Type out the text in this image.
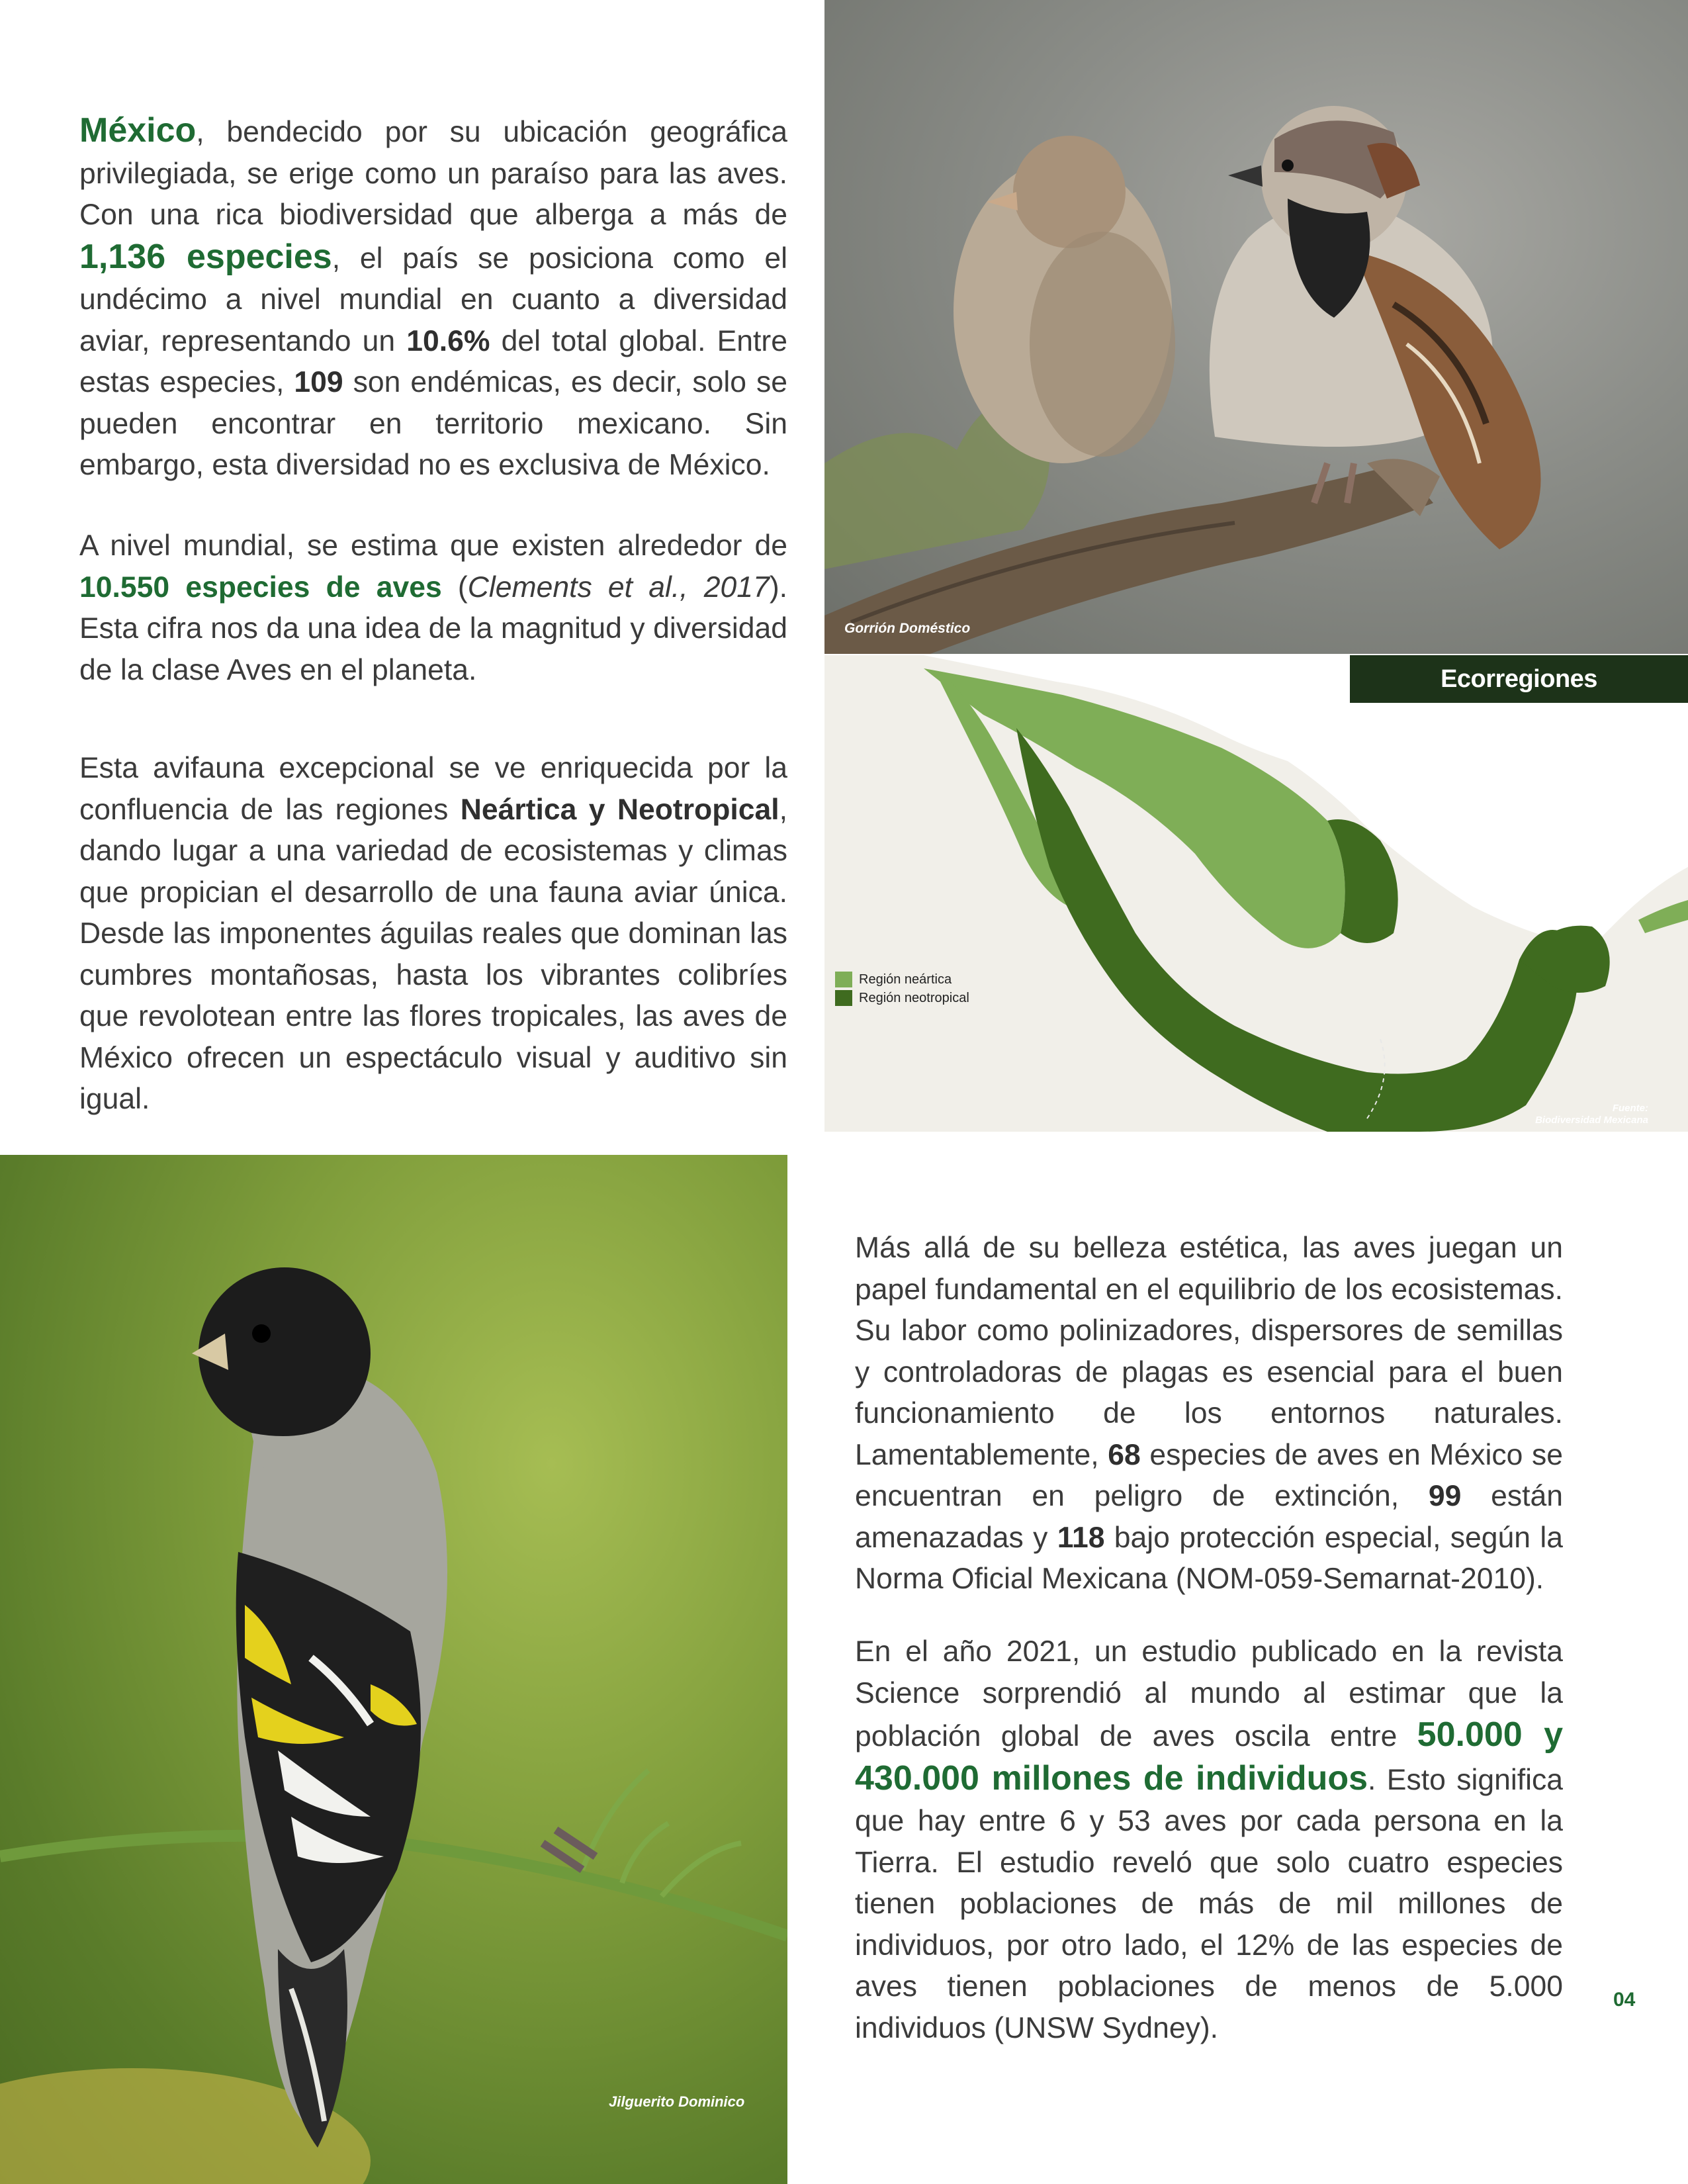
México, bendecido por su ubicación geográfica privilegiada, se erige como un paraíso para las aves. Con una rica biodiversidad que alberga a más de 1,136 especies, el país se posiciona como el undécimo a nivel mundial en cuanto a diversidad aviar, representando un 10.6% del total global. Entre estas especies, 109 son endémicas, es decir, solo se pueden encontrar en territorio mexicano. Sin embargo, esta diversidad no es exclusiva de México.

A nivel mundial, se estima que existen alrededor de 10.550 especies de aves (Clements et al., 2017). Esta cifra nos da una idea de la magnitud y diversidad de la clase Aves en el planeta.

Esta avifauna excepcional se ve enriquecida por la confluencia de las regiones Neártica y Neotropical, dando lugar a una variedad de ecosistemas y climas que propician el desarrollo de una fauna aviar única. Desde las imponentes águilas reales que dominan las cumbres montañosas, hasta los vibrantes colibríes que revolotean entre las flores tropicales, las aves de México ofrecen un espectáculo visual y auditivo sin igual.

Gorrión Doméstico
SEICA TIMES Edición Junio 2024
Ecorregiones dulceacuícolas
Región neártica
Región neotropical
Fuente:
Biodiversidad Mexicana
Jilguerito Dominico

Más allá de su belleza estética, las aves juegan un papel fundamental en el equilibrio de los ecosistemas. Su labor como polinizadores, dispersores de semillas y controladoras de plagas es esencial para el buen funcionamiento de los entornos naturales. Lamentablemente, 68 especies de aves en México se encuentran en peligro de extinción, 99 están amenazadas y 118 bajo protección especial, según la Norma Oficial Mexicana (NOM-059-Semarnat-2010).

En el año 2021, un estudio publicado en la revista Science sorprendió al mundo al estimar que la población global de aves oscila entre 50.000 y 430.000 millones de individuos. Esto significa que hay entre 6 y 53 aves por cada persona en la Tierra. El estudio reveló que solo cuatro especies tienen poblaciones de más de mil millones de individuos, por otro lado, el 12% de las especies de aves tienen poblaciones de menos de 5.000 individuos (UNSW Sydney).

04
